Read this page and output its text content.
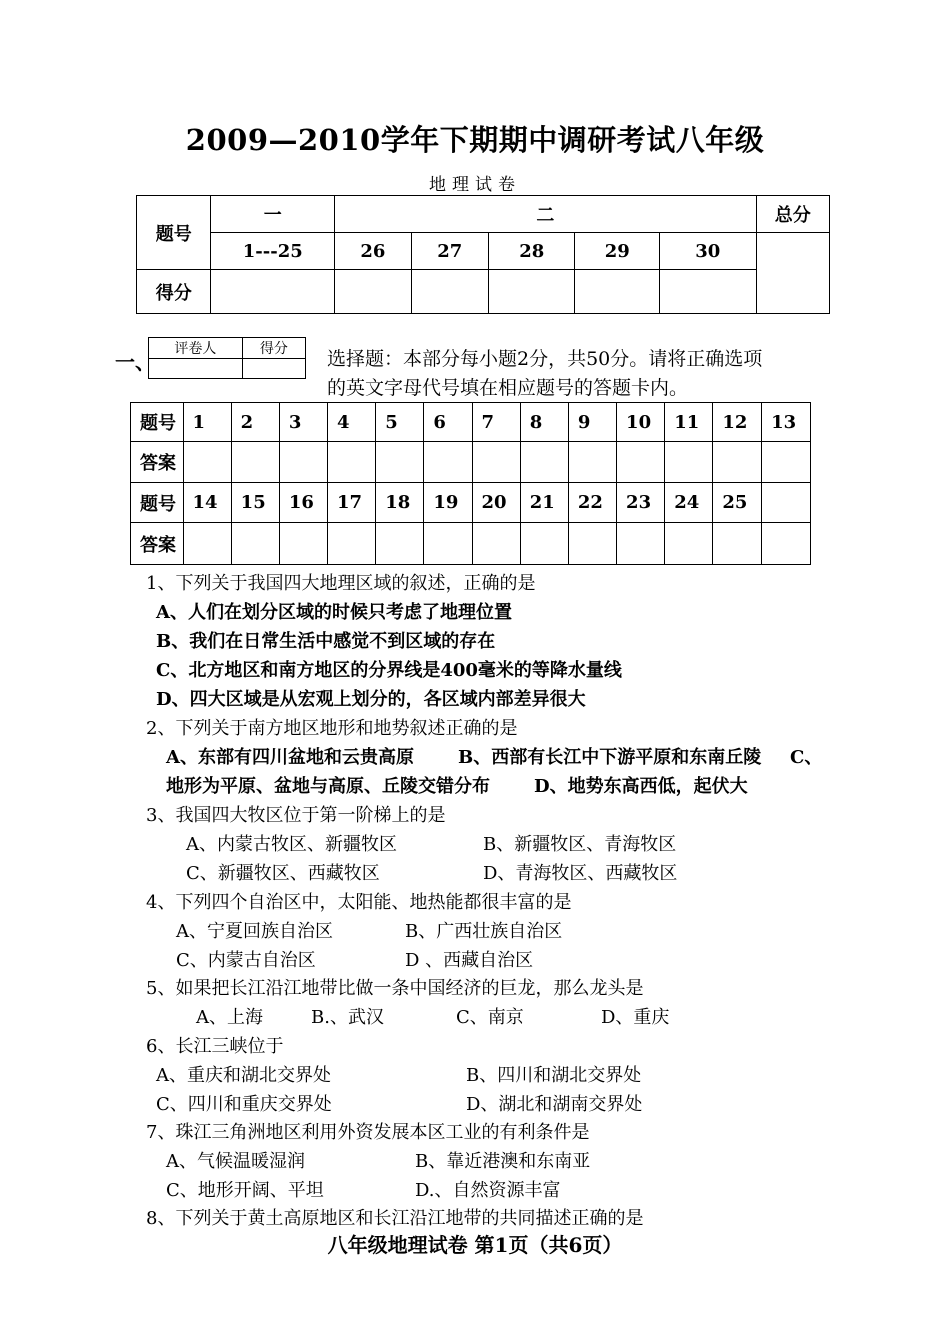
2009—2010学年下期期中调研考试八年级
地理试卷
题号	一	二					总分
	1---25	26	27	28	29	30	
得分							
一、
评卷人	得分
	选择题：本部分每小题2分，共50分。请将正确选项
的英文字母代号填在相应题号的答题卡内。
题号	1	2	3	4	5	6	7	8	9	10	11	12	13
答案													
题号	14	15	16	17	18	19	20	21	22	23	24	25	
答案													
1、下列关于我国四大地理区域的叙述，正确的是
A、人们在划分区域的时候只考虑了地理位置
B、我们在日常生活中感觉不到区域的存在
C、北方地区和南方地区的分界线是400毫米的等降水量线
D、四大区域是从宏观上划分的，各区域内部差异很大
2、下列关于南方地区地形和地势叙述正确的是
A、东部有四川盆地和云贵高原 B、西部有长江中下游平原和东南丘陵 C、
地形为平原、盆地与高原、丘陵交错分布 D、地势东高西低，起伏大
3、我国四大牧区位于第一阶梯上的是
A、内蒙古牧区、新疆牧区	B、新疆牧区、青海牧区
C、新疆牧区、西藏牧区	D、青海牧区、西藏牧区
4、下列四个自治区中，太阳能、地热能都很丰富的是
A、宁夏回族自治区	B、广西壮族自治区
C、内蒙古自治区	D 、西藏自治区
5、如果把长江沿江地带比做一条中国经济的巨龙，那么龙头是
A、上海	B.、武汉	C、南京	D、重庆
6、长江三峡位于
A、重庆和湖北交界处	B、四川和湖北交界处
C、四川和重庆交界处	D、湖北和湖南交界处
7、珠江三角洲地区利用外资发展本区工业的有利条件是
A、气候温暖湿润	B、靠近港澳和东南亚
C、地形开阔、平坦	D.、自然资源丰富
8、下列关于黄土高原地区和长江沿江地带的共同描述正确的是
八年级地理试卷 第1页（共6页）
